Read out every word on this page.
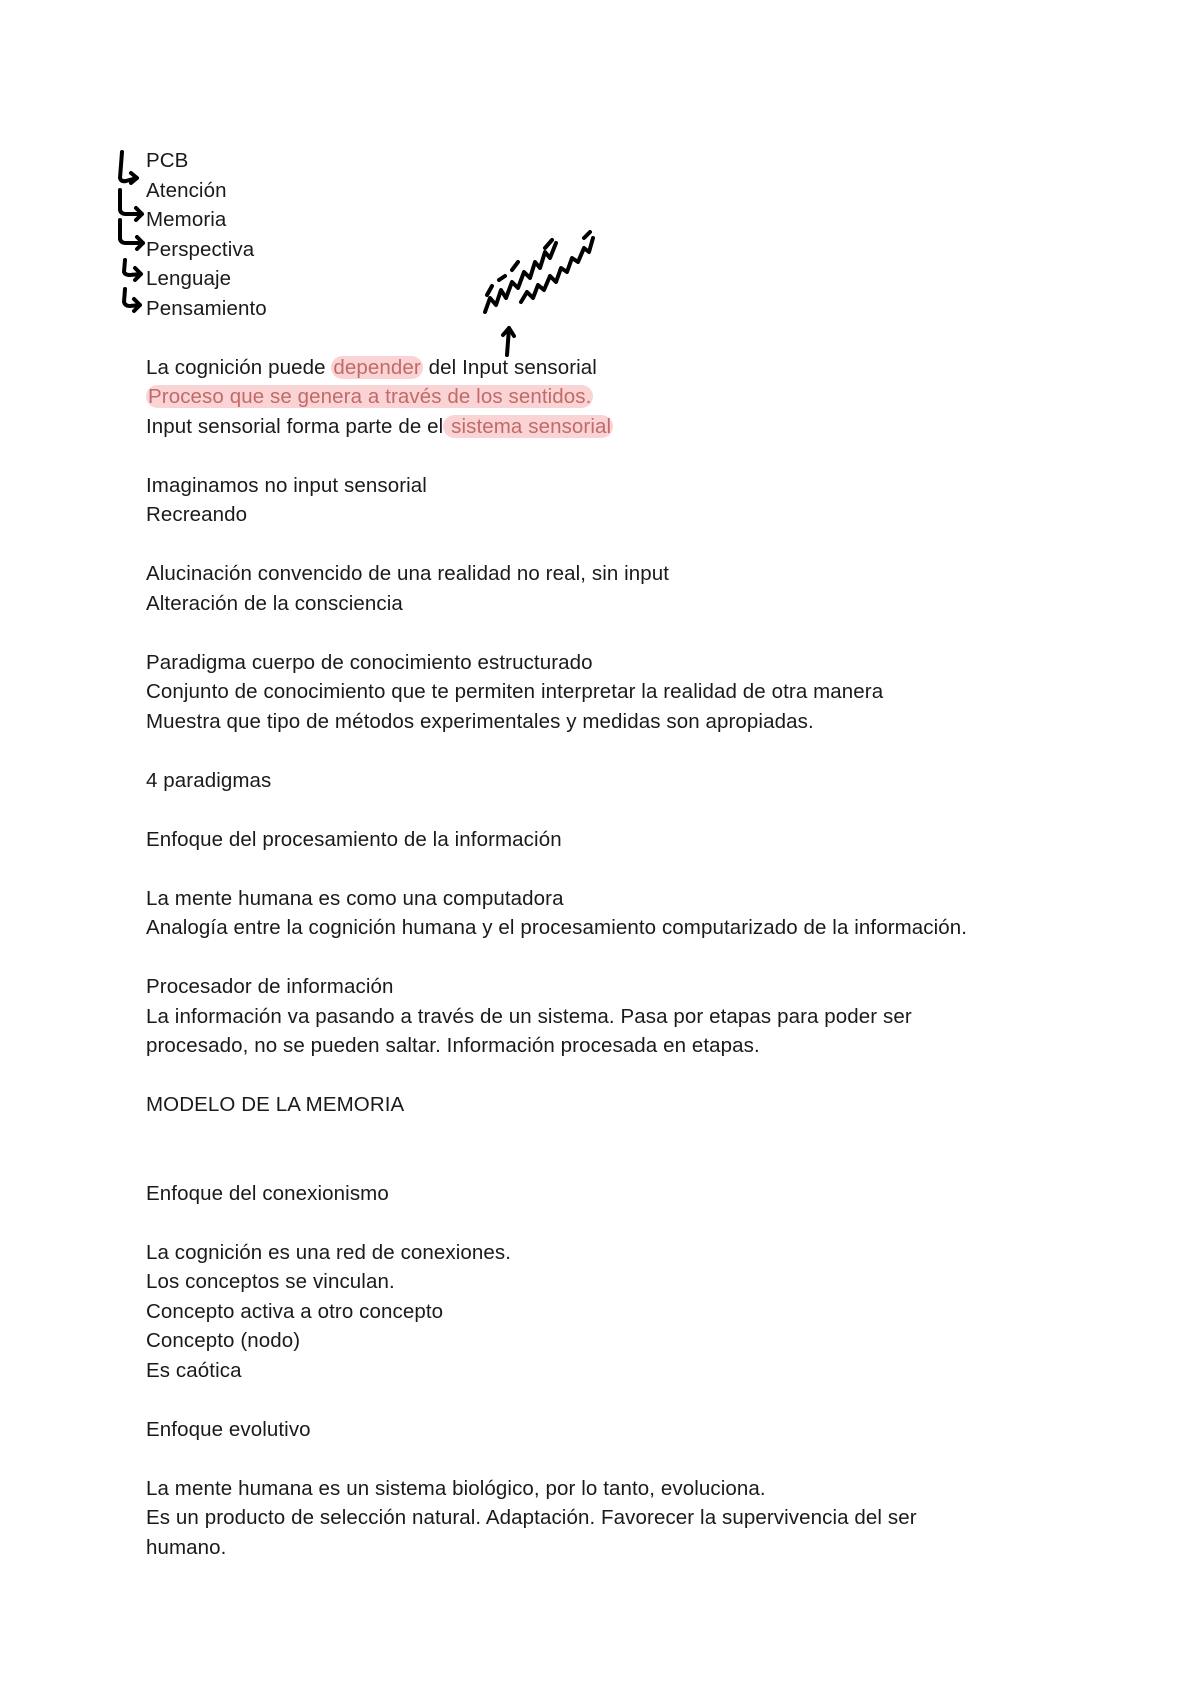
PCB
Atención
Memoria
Perspectiva
Lenguaje
Pensamiento
La cognición puede depender del Input sensorial
Proceso que se genera a través de los sentidos.
Input sensorial forma parte de el sistema sensorial
Imaginamos no input sensorial
Recreando
Alucinación convencido de una realidad no real, sin input
Alteración de la consciencia
Paradigma cuerpo de conocimiento estructurado
Conjunto de conocimiento que te permiten interpretar la realidad de otra manera
Muestra que tipo de métodos experimentales y medidas son apropiadas.
4 paradigmas
Enfoque del procesamiento de la información
La mente humana es como una computadora
Analogía entre la cognición humana y el procesamiento computarizado de la información.
Procesador de información
La información va pasando a través de un sistema. Pasa por etapas para poder ser
procesado, no se pueden saltar. Información procesada en etapas.
MODELO DE LA MEMORIA
Enfoque del conexionismo
La cognición es una red de conexiones.
Los conceptos se vinculan.
Concepto activa a otro concepto
Concepto (nodo)
Es caótica
Enfoque evolutivo
La mente humana es un sistema biológico, por lo tanto, evoluciona.
Es un producto de selección natural. Adaptación. Favorecer la supervivencia del ser
humano.
